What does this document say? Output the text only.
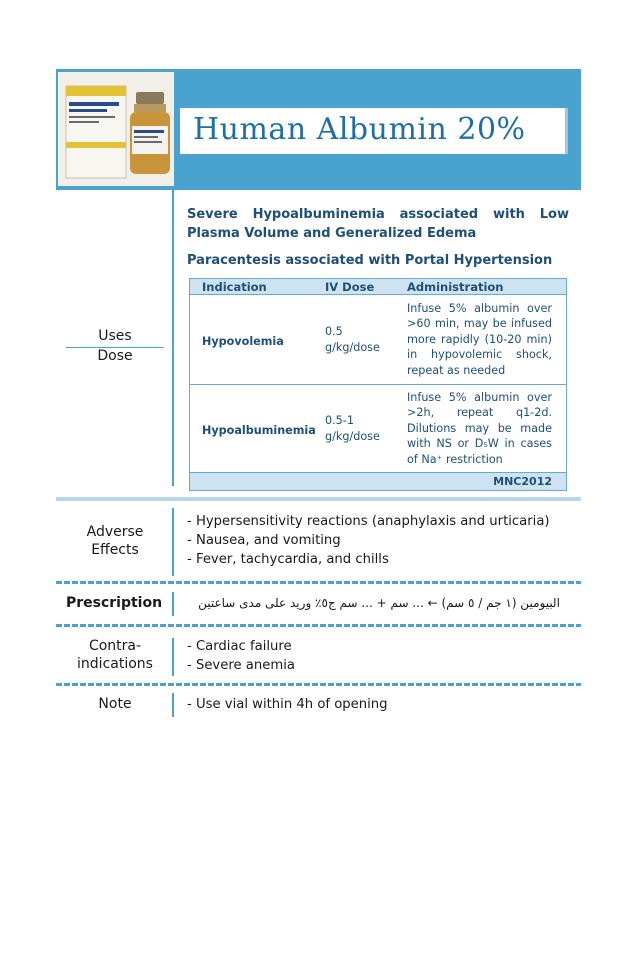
Human Albumin 20%
Uses
Dose
Severe Hypoalbuminemia associated with Low Plasma Volume and Generalized Edema
Paracentesis associated with Portal Hypertension
Indication	IV Dose	Administration
Hypovolemia	0.5 g/kg/dose	Infuse 5% albumin over >60 min, may be infused more rapidly (10-20 min) in hypovolemic shock, repeat as needed

Hypoalbuminemia	0.5-1 g/kg/dose	Infuse 5% albumin over >2h, repeat q1-2d. Dilutions may be made with NS or D₅W in cases of Na⁺ restriction

MNC2012		
Adverse
Effects
- Hypersensitivity reactions (anaphylaxis and urticaria)
- Nausea, and vomiting
- Fever, tachycardia, and chills
Prescription	البيومين (١ جم / ٥ سم) ← ... سم + ... سم ج٥٪ وريد على مدى ساعتين
Contra-
indications
- Cardiac failure
- Severe anemia
Note	- Use vial within 4h of opening
